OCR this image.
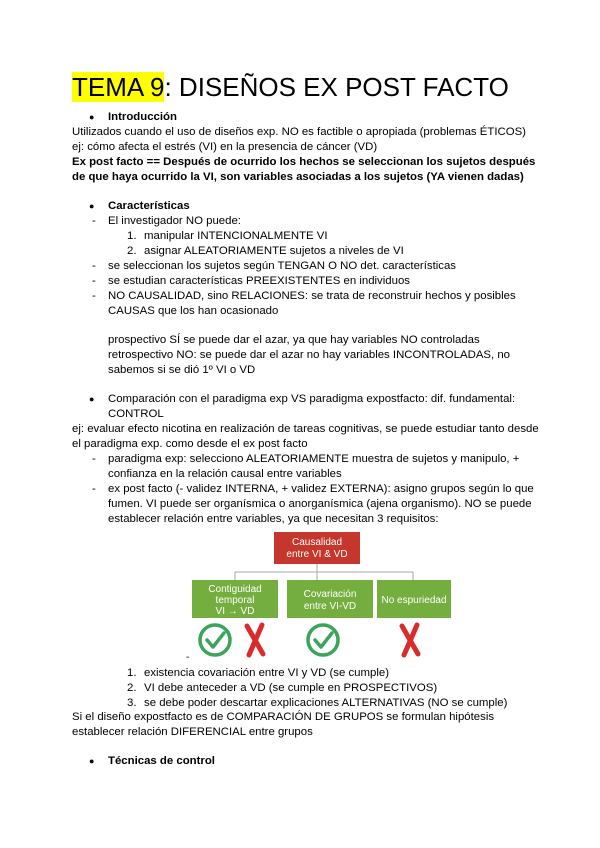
TEMA 9: DISEÑOS EX POST FACTO
● Introducción
Utilizados cuando el uso de diseños exp. NO es factible o apropiada (problemas ÉTICOS)
ej: cómo afecta el estrés (VI) en la presencia de cáncer (VD)
Ex post facto == Después de ocurrido los hechos se seleccionan los sujetos después
de que haya ocurrido la VI, son variables asociadas a los sujetos (YA vienen dadas)
● Características
- El investigador NO puede:
1. manipular INTENCIONALMENTE VI
2. asignar ALEATORIAMENTE sujetos a niveles de VI
- se seleccionan los sujetos según TENGAN O NO det. características
- se estudian características PREEXISTENTES en individuos
- NO CAUSALIDAD, sino RELACIONES: se trata de reconstruir hechos y posibles
CAUSAS que los han ocasionado
prospectivo SÍ se puede dar el azar, ya que hay variables NO controladas
retrospectivo NO: se puede dar el azar no hay variables INCONTROLADAS, no
sabemos si se dió 1º VI o VD
● Comparación con el paradigma exp VS paradigma expostfacto: dif. fundamental:
CONTROL
ej: evaluar efecto nicotina en realización de tareas cognitivas, se puede estudiar tanto desde
el paradigma exp. como desde el ex post facto
- paradigma exp: selecciono ALEATORIAMENTE muestra de sujetos y manipulo, +
confianza en la relación causal entre variables
- ex post facto (- validez INTERNA, + validez EXTERNA): asigno grupos según lo que
fumen. VI puede ser organísmica o anorganísmica (ajena organismo). NO se puede
establecer relación entre variables, ya que necesitan 3 requisitos:
Causalidad
entre VI & VD
Contiguidad
temporal
VI → VD
Covariación
entre VI-VD
No espuriedad
-
1. existencia covariación entre VI y VD (se cumple)
2. VI debe anteceder a VD (se cumple en PROSPECTIVOS)
3. se debe poder descartar explicaciones ALTERNATIVAS (NO se cumple)
Si el diseño expostfacto es de COMPARACIÓN DE GRUPOS se formulan hipótesis
establecer relación DIFERENCIAL entre grupos
● Técnicas de control
